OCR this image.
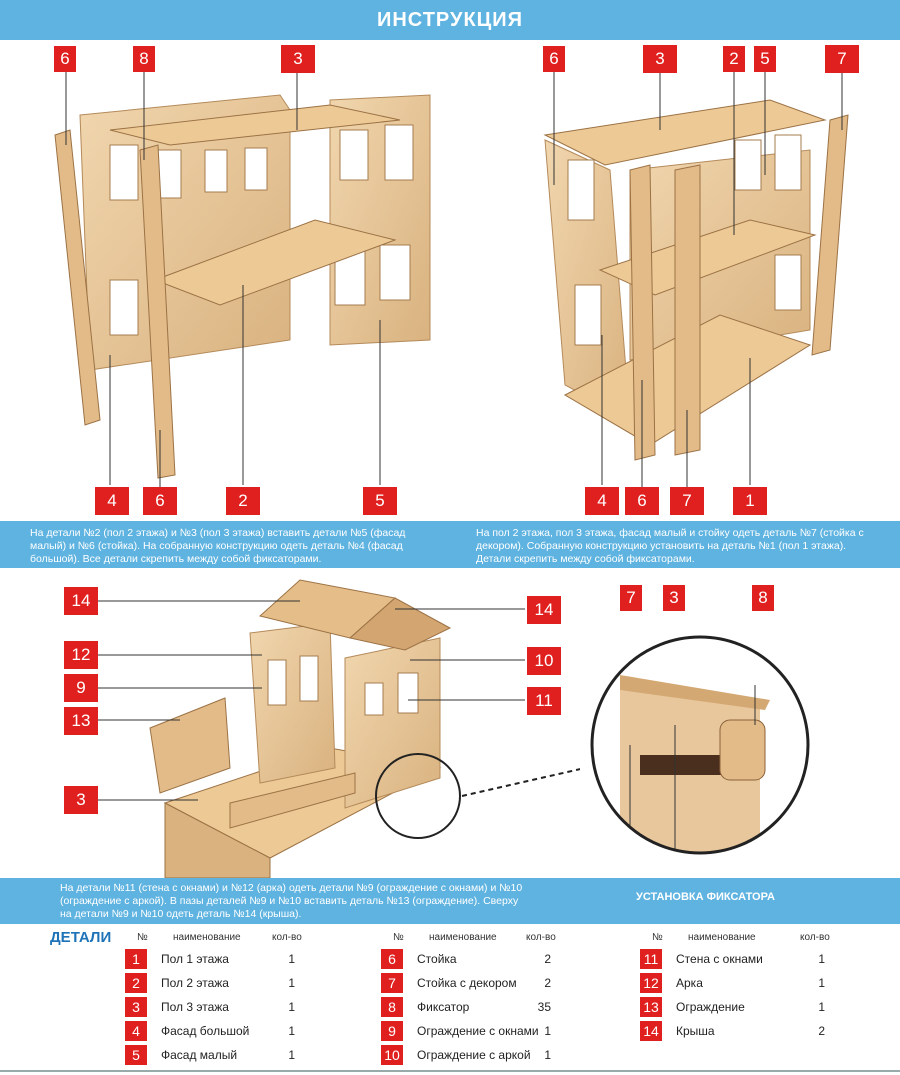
ИНСТРУКЦИЯ
6	8	3
4	6	2	5
6	3	2	5	7
4	6	7	1

На детали №2 (пол 2 этажа) и №3 (пол 3 этажа) вставить детали №5 (фасад малый) и №6 (стойка). На собранную конструкцию одеть деталь №4 (фасад большой). Все детали скрепить между собой фиксаторами.

На пол 2 этажа, пол 3 этажа, фасад малый и стойку одеть деталь №7 (стойка с декором). Собранную конструкцию установить на деталь №1 (пол 1 этажа). Детали скрепить между собой фиксаторами.

14	14
12	10
9
11
13
3
7	3	8

На детали №11 (стена с окнами) и №12 (арка) одеть детали №9 (ограждение с окнами) и №10 (ограждение с аркой). В пазы деталей №9 и №10 вставить деталь №13 (ограждение). Сверху на детали №9 и №10 одеть деталь №14 (крыша).

УСТАНОВКА ФИКСАТОРА
ДЕТАЛИ	№	наименование	кол-во
1	Пол 1 этажа	1
2	Пол 2 этажа	1
3	Пол 3 этажа	1
4	Фасад большой	1
5	Фасад малый	1
№	наименование	кол-во
6	Стойка	2
7	Стойка с декором	2
8	Фиксатор	35
9	Ограждение с окнами 1
10 Ограждение с аркой	1
№	наименование	кол-во
11	Стена с окнами	1
12 Арка	1
13 Ограждение	1
14 Крыша	2
